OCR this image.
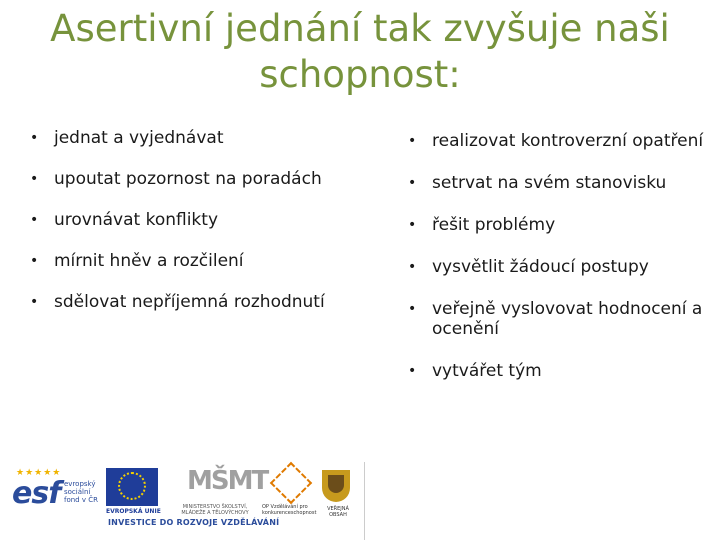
Asertivní jednání tak zvyšuje naši schopnost:
• jednat a vyjednávat
• upoutat pozornost na poradách
• urovnávat konflikty
• mírnit hněv a rozčilení
• sdělovat nepříjemná rozhodnutí
• realizovat kontroverzní opatření
• setrvat na svém stanovisku
• řešit problémy
• vysvětlit žádoucí postupy
• veřejně vyslovovat hodnocení a ocenění
• vytvářet tým
★★★★★
esf evropský sociální fond v ČR
EVROPSKÁ UNIE
MŠMT
MINISTERSTVO ŠKOLSTVÍ, MLÁDEŽE A TĚLOVÝCHOVY
OP Vzdělávání pro konkurenceschopnost
VEŘEJNÁ OBSAH
INVESTICE DO ROZVOJE VZDĚLÁVÁNÍ
